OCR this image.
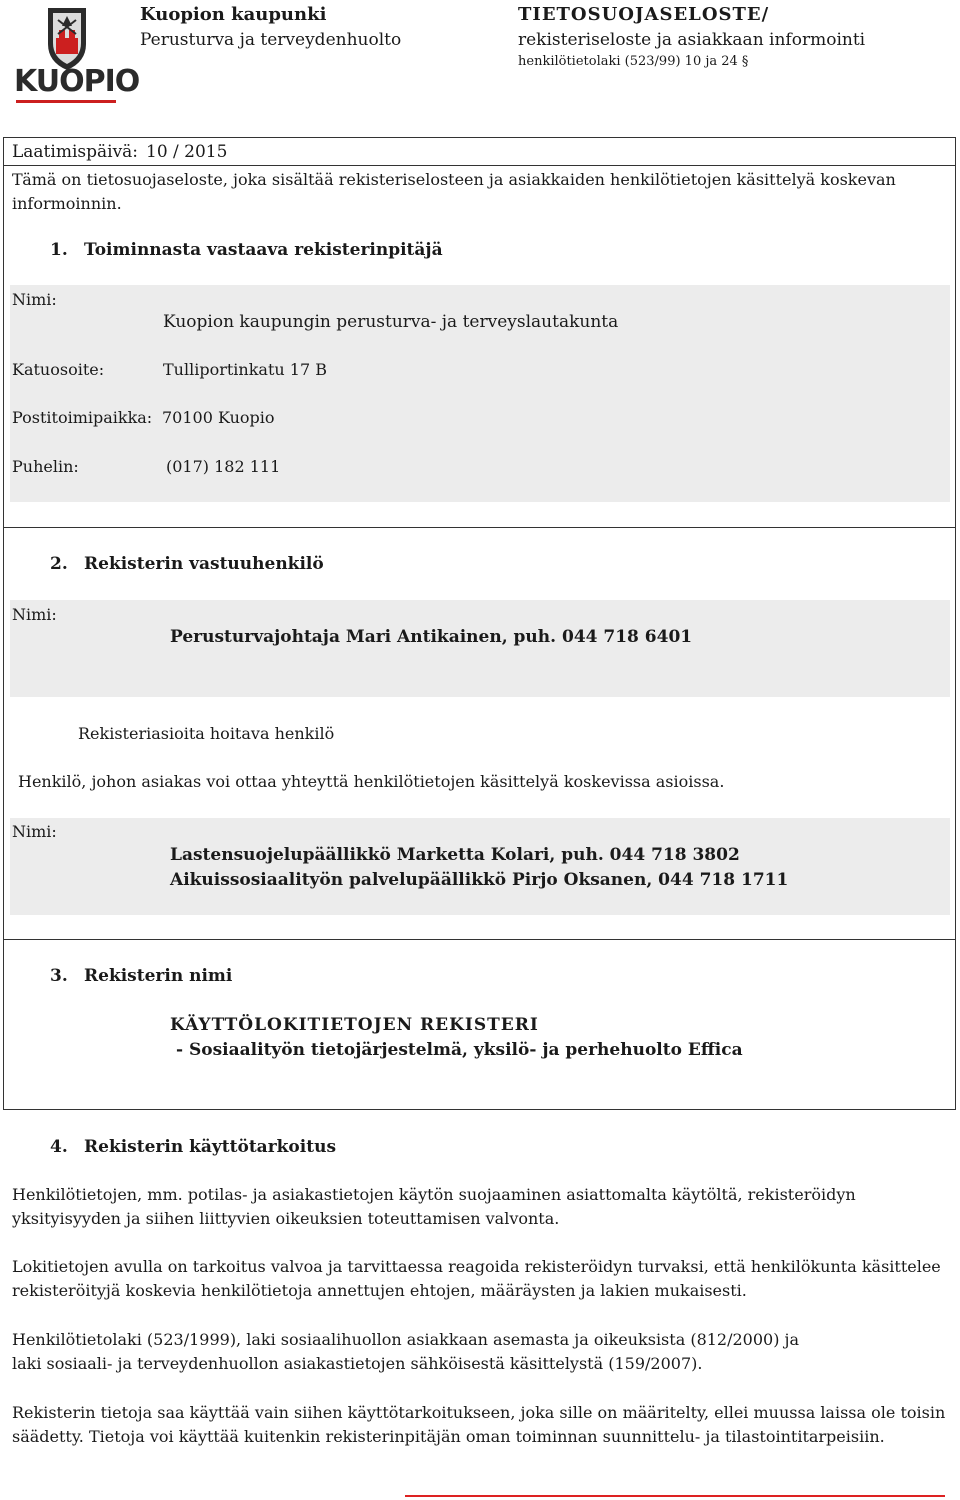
KUOPIO
Kuopion kaupunki
Perusturva ja terveydenhuolto
TIETOSUOJASELOSTE/
rekisteriseloste ja asiakkaan informointi
henkilötietolaki (523/99) 10 ja 24 §
Laatimispäivä: 10 / 2015
Tämä on tietosuojaseloste, joka sisältää rekisteriselosteen ja asiakkaiden henkilötietojen käsittelyä koskevan
informoinnin.
1. Toiminnasta vastaava rekisterinpitäjä
Nimi:
Kuopion kaupungin perusturva- ja terveyslautakunta
Katuosoite:	Tulliportinkatu 17 B
Postitoimipaikka: 70100 Kuopio
Puhelin:	(017) 182 111
2. Rekisterin vastuuhenkilö
Nimi:
Perusturvajohtaja Mari Antikainen, puh. 044 718 6401
Rekisteriasioita hoitava henkilö
Henkilö, johon asiakas voi ottaa yhteyttä henkilötietojen käsittelyä koskevissa asioissa.
Nimi:
Lastensuojelupäällikkö Marketta Kolari, puh. 044 718 3802
Aikuissosiaalityön palvelupäällikkö Pirjo Oksanen, 044 718 1711
3. Rekisterin nimi
KÄYTTÖLOKITIETOJEN REKISTERI
- Sosiaalityön tietojärjestelmä, yksilö- ja perhehuolto Effica
4. Rekisterin käyttötarkoitus
Henkilötietojen, mm. potilas- ja asiakastietojen käytön suojaaminen asiattomalta käytöltä, rekisteröidyn
yksityisyyden ja siihen liittyvien oikeuksien toteuttamisen valvonta.
Lokitietojen avulla on tarkoitus valvoa ja tarvittaessa reagoida rekisteröidyn turvaksi, että henkilökunta käsittelee
rekisteröityjä koskevia henkilötietoja annettujen ehtojen, määräysten ja lakien mukaisesti.
Henkilötietolaki (523/1999), laki sosiaalihuollon asiakkaan asemasta ja oikeuksista (812/2000) ja
laki sosiaali- ja terveydenhuollon asiakastietojen sähköisestä käsittelystä (159/2007).
Rekisterin tietoja saa käyttää vain siihen käyttötarkoitukseen, joka sille on määritelty, ellei muussa laissa ole toisin
säädetty. Tietoja voi käyttää kuitenkin rekisterinpitäjän oman toiminnan suunnittelu- ja tilastointitarpeisiin.
